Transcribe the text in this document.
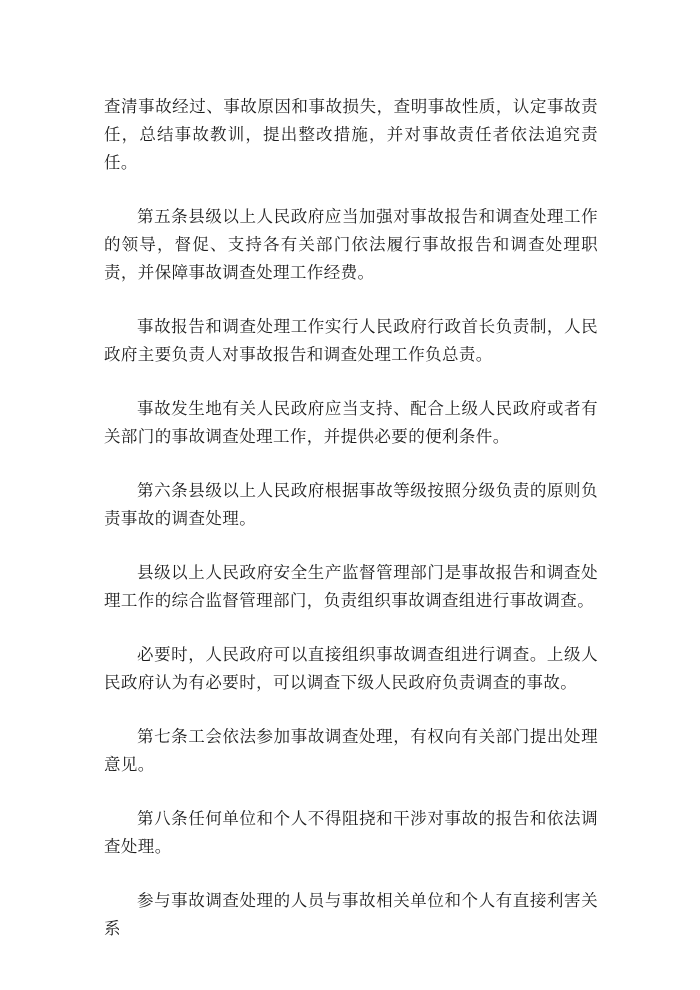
查清事故经过、事故原因和事故损失，查明事故性质，认定事故责任，总结事故教训，提出整改措施，并对事故责任者依法追究责任。

第五条县级以上人民政府应当加强对事故报告和调查处理工作的领导，督促、支持各有关部门依法履行事故报告和调查处理职责，并保障事故调查处理工作经费。

事故报告和调查处理工作实行人民政府行政首长负责制，人民政府主要负责人对事故报告和调查处理工作负总责。

事故发生地有关人民政府应当支持、配合上级人民政府或者有关部门的事故调查处理工作，并提供必要的便利条件。

第六条县级以上人民政府根据事故等级按照分级负责的原则负责事故的调查处理。

县级以上人民政府安全生产监督管理部门是事故报告和调查处理工作的综合监督管理部门，负责组织事故调查组进行事故调查。

必要时，人民政府可以直接组织事故调查组进行调查。上级人民政府认为有必要时，可以调查下级人民政府负责调查的事故。

第七条工会依法参加事故调查处理，有权向有关部门提出处理意见。

第八条任何单位和个人不得阻挠和干涉对事故的报告和依法调查处理。

参与事故调查处理的人员与事故相关单位和个人有直接利害关系
